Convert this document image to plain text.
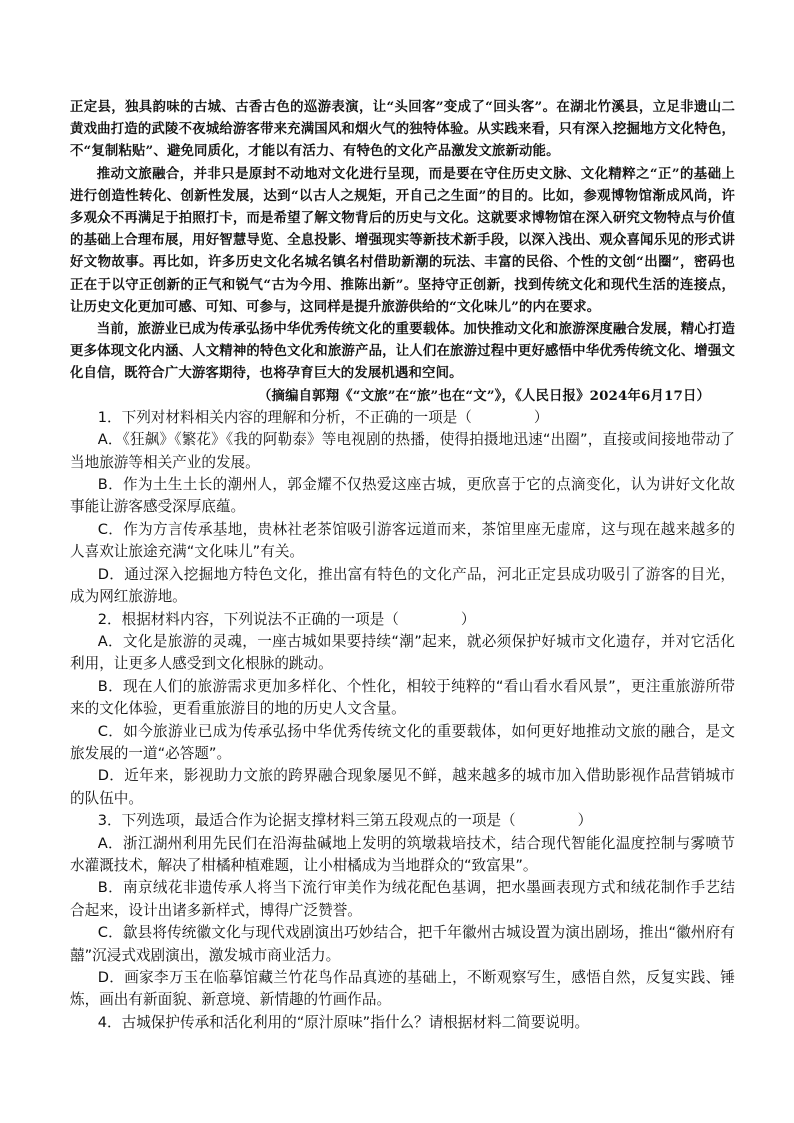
正定县，独具韵味的古城、古香古色的巡游表演，让“头回客”变成了“回头客”。在湖北竹溪县，立足非遗山二黄戏曲打造的武陵不夜城给游客带来充满国风和烟火气的独特体验。从实践来看，只有深入挖掘地方文化特色，不“复制粘贴”、避免同质化，才能以有活力、有特色的文化产品激发文旅新动能。

推动文旅融合，并非只是原封不动地对文化进行呈现，而是要在守住历史文脉、文化精粹之“正”的基础上进行创造性转化、创新性发展，达到“以古人之规矩，开自己之生面”的目的。比如，参观博物馆渐成风尚，许多观众不再满足于拍照打卡，而是希望了解文物背后的历史与文化。这就要求博物馆在深入研究文物特点与价值的基础上合理布展，用好智慧导览、全息投影、增强现实等新技术新手段，以深入浅出、观众喜闻乐见的形式讲好文物故事。再比如，许多历史文化名城名镇名村借助新潮的玩法、丰富的民俗、个性的文创“出圈”，密码也正在于以守正创新的正气和锐气“古为今用、推陈出新”。坚持守正创新，找到传统文化和现代生活的连接点，让历史文化更加可感、可知、可参与，这同样是提升旅游供给的“文化味儿”的内在要求。

当前，旅游业已成为传承弘扬中华优秀传统文化的重要载体。加快推动文化和旅游深度融合发展，精心打造更多体现文化内涵、人文精神的特色文化和旅游产品，让人们在旅游过程中更好感悟中华优秀传统文化、增强文化自信，既符合广大游客期待，也将孕育巨大的发展机遇和空间。

（摘编自郭翔《“文旅”在“旅”也在“文”》，《人民日报》2024年6月17日）

1．下列对材料相关内容的理解和分析，不正确的一项是（	）

A．《狂飙》《繁花》《我的阿勒泰》等电视剧的热播，使得拍摄地迅速“出圈”，直接或间接地带动了当地旅游等相关产业的发展。

B．作为土生土长的潮州人，郭金耀不仅热爱这座古城，更欣喜于它的点滴变化，认为讲好文化故事能让游客感受深厚底蕴。

C．作为方言传承基地，贵林社老茶馆吸引游客远道而来，茶馆里座无虚席，这与现在越来越多的人喜欢让旅途充满“文化味儿”有关。

D．通过深入挖掘地方特色文化，推出富有特色的文化产品，河北正定县成功吸引了游客的目光，成为网红旅游地。

2．根据材料内容，下列说法不正确的一项是（	）

A．文化是旅游的灵魂，一座古城如果要持续“潮”起来，就必须保护好城市文化遗存，并对它活化利用，让更多人感受到文化根脉的跳动。

B．现在人们的旅游需求更加多样化、个性化，相较于纯粹的“看山看水看风景”，更注重旅游所带来的文化体验，更看重旅游目的地的历史人文含量。

C．如今旅游业已成为传承弘扬中华优秀传统文化的重要载体，如何更好地推动文旅的融合，是文旅发展的一道“必答题”。

D．近年来，影视助力文旅的跨界融合现象屡见不鲜，越来越多的城市加入借助影视作品营销城市的队伍中。

3．下列选项，最适合作为论据支撑材料三第五段观点的一项是（	）

A．浙江湖州利用先民们在沿海盐碱地上发明的筑墩栽培技术，结合现代智能化温度控制与雾喷节水灌溉技术，解决了柑橘种植难题，让小柑橘成为当地群众的“致富果”。

B．南京绒花非遗传承人将当下流行审美作为绒花配色基调，把水墨画表现方式和绒花制作手艺结合起来，设计出诸多新样式，博得广泛赞誉。

C．歙县将传统徽文化与现代戏剧演出巧妙结合，把千年徽州古城设置为演出剧场，推出“徽州府有囍”沉浸式戏剧演出，激发城市商业活力。

D．画家李万玉在临摹馆藏兰竹花鸟作品真迹的基础上，不断观察写生，感悟自然，反复实践、锤炼，画出有新面貌、新意境、新情趣的竹画作品。

4．古城保护传承和活化利用的“原汁原味”指什么？请根据材料二简要说明。
